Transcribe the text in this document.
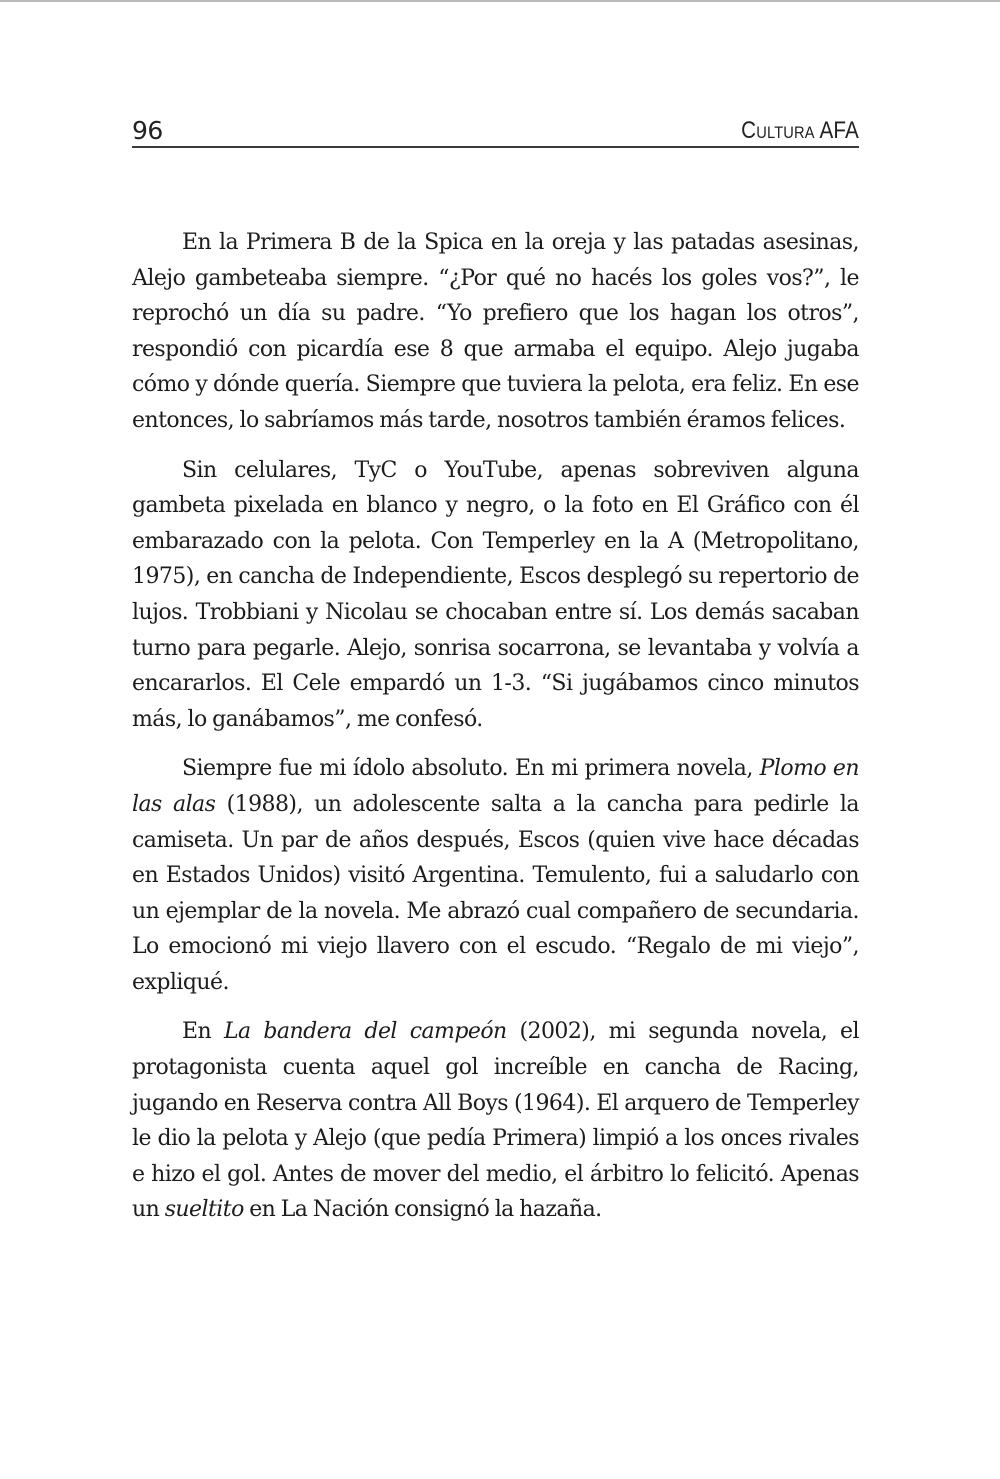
96	Cultura AFA

En la Primera B de la Spica en la oreja y las patadas asesinas, Alejo gambeteaba siempre. “¿Por qué no hacés los goles vos?”, le reprochó un día su padre. “Yo prefiero que los hagan los otros”, respondió con picardía ese 8 que armaba el equipo. Alejo jugaba cómo y dónde quería. Siempre que tuviera la pelota, era feliz. En ese entonces, lo sabríamos más tarde, nosotros también éramos felices.

Sin celulares, TyC o YouTube, apenas sobreviven alguna gambeta pixelada en blanco y negro, o la foto en El Gráfico con él embarazado con la pelota. Con Temperley en la A (Metropolitano, 1975), en cancha de Independiente, Escos desplegó su repertorio de lujos. Trobbiani y Nicolau se chocaban entre sí. Los demás sacaban turno para pegarle. Alejo, sonrisa socarrona, se levantaba y volvía a encararlos. El Cele empardó un 1-3. “Si jugábamos cinco minutos más, lo ganábamos”, me confesó.

Siempre fue mi ídolo absoluto. En mi primera novela, Plomo en las alas (1988), un adolescente salta a la cancha para pedirle la camiseta. Un par de años después, Escos (quien vive hace décadas en Estados Unidos) visitó Argentina. Temulento, fui a saludarlo con un ejemplar de la novela. Me abrazó cual compañero de secundaria. Lo emocionó mi viejo llavero con el escudo. “Regalo de mi viejo”, expliqué.

En La bandera del campeón (2002), mi segunda novela, el protagonista cuenta aquel gol increíble en cancha de Racing, jugando en Reserva contra All Boys (1964). El arquero de Temperley le dio la pelota y Alejo (que pedía Primera) limpió a los onces rivales e hizo el gol. Antes de mover del medio, el árbitro lo felicitó. Apenas un sueltito en La Nación consignó la hazaña.
